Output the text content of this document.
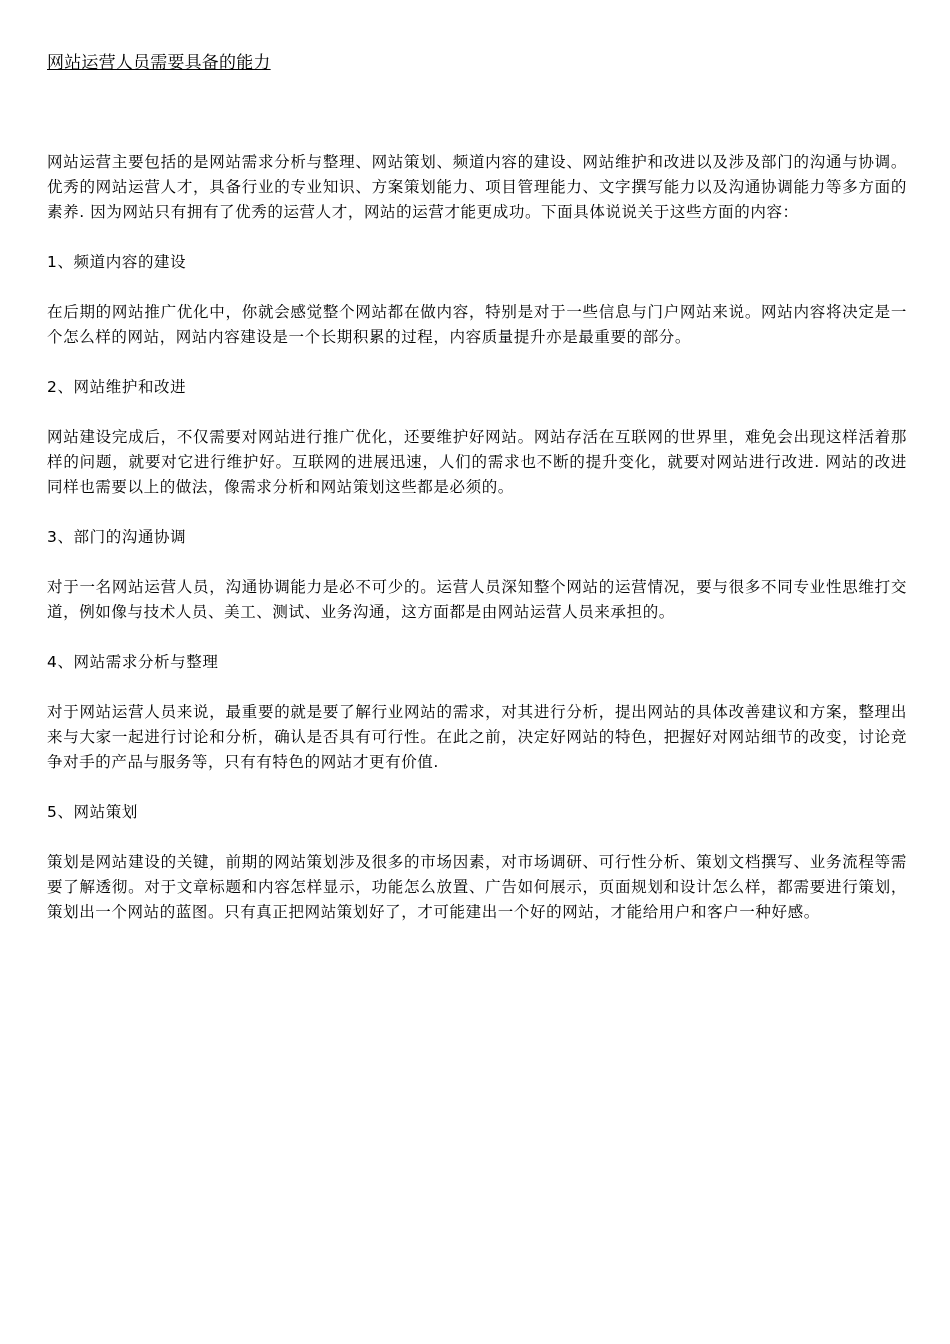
网站运营人员需要具备的能力

网站运营主要包括的是网站需求分析与整理、网站策划、频道内容的建设、网站维护和改进以及涉及部门的沟通与协调。优秀的网站运营人才，具备行业的专业知识、方案策划能力、项目管理能力、文字撰写能力以及沟通协调能力等多方面的素养. 因为网站只有拥有了优秀的运营人才，网站的运营才能更成功。下面具体说说关于这些方面的内容：

1、频道内容的建设

在后期的网站推广优化中，你就会感觉整个网站都在做内容，特别是对于一些信息与门户网站来说。网站内容将决定是一个怎么样的网站，网站内容建设是一个长期积累的过程，内容质量提升亦是最重要的部分。

2、网站维护和改进

网站建设完成后，不仅需要对网站进行推广优化，还要维护好网站。网站存活在互联网的世界里，难免会出现这样活着那样的问题，就要对它进行维护好。互联网的进展迅速，人们的需求也不断的提升变化，就要对网站进行改进. 网站的改进同样也需要以上的做法，像需求分析和网站策划这些都是必须的。

3、部门的沟通协调

对于一名网站运营人员，沟通协调能力是必不可少的。运营人员深知整个网站的运营情况，要与很多不同专业性思维打交道，例如像与技术人员、美工、测试、业务沟通，这方面都是由网站运营人员来承担的。

4、网站需求分析与整理

对于网站运营人员来说，最重要的就是要了解行业网站的需求，对其进行分析，提出网站的具体改善建议和方案，整理出来与大家一起进行讨论和分析，确认是否具有可行性。在此之前，决定好网站的特色，把握好对网站细节的改变，讨论竞争对手的产品与服务等，只有有特色的网站才更有价值.

5、网站策划

策划是网站建设的关键，前期的网站策划涉及很多的市场因素，对市场调研、可行性分析、策划文档撰写、业务流程等需要了解透彻。对于文章标题和内容怎样显示，功能怎么放置、广告如何展示，页面规划和设计怎么样，都需要进行策划，策划出一个网站的蓝图。只有真正把网站策划好了，才可能建出一个好的网站，才能给用户和客户一种好感。
